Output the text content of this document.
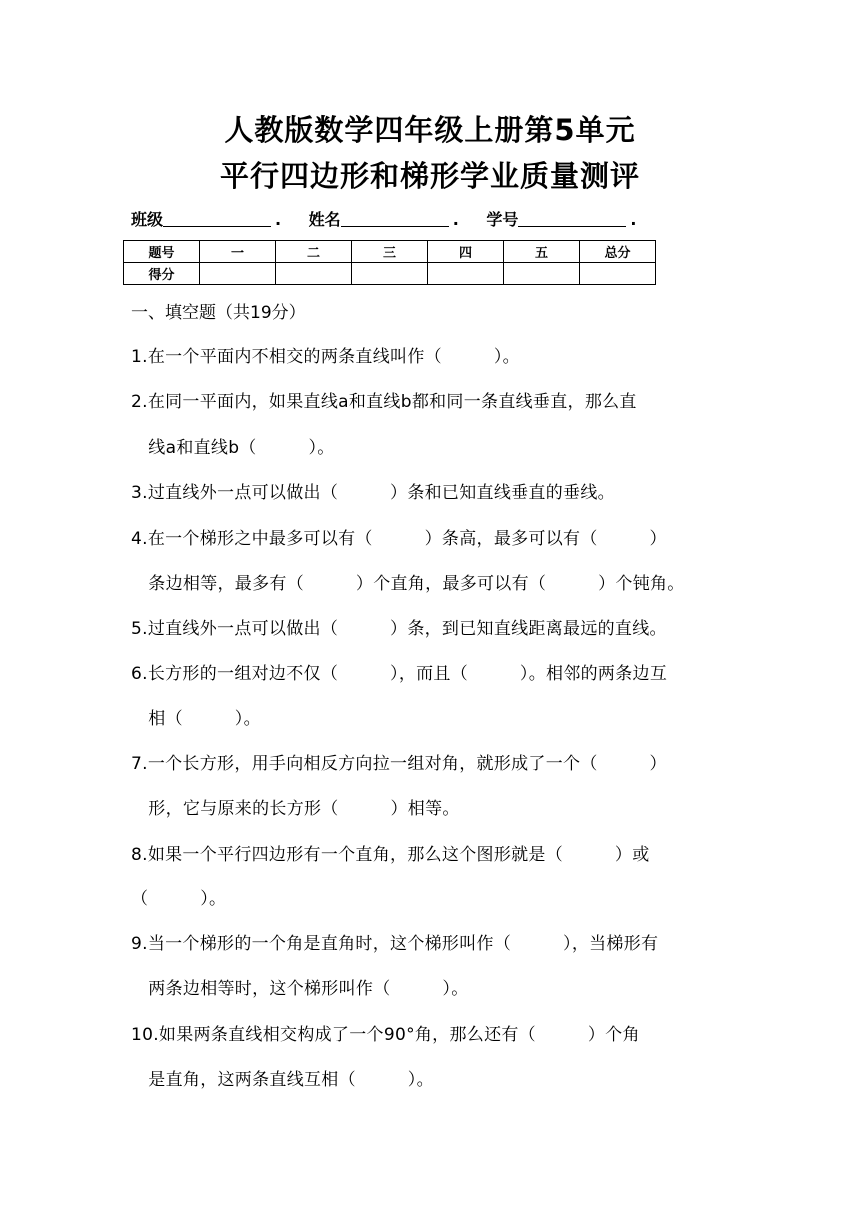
人教版数学四年级上册第5单元
平行四边形和梯形学业质量测评
班级	. 姓名	. 学号	.
题号	一	二	三	四	五	总分
得分						
一、填空题（共19分）
1.在一个平面内不相交的两条直线叫作（　　　）。
2.在同一平面内，如果直线a和直线b都和同一条直线垂直，那么直
　线a和直线b（　　　）。
3.过直线外一点可以做出（　　　）条和已知直线垂直的垂线。
4.在一个梯形之中最多可以有（　　　）条高，最多可以有（　　　）
　条边相等，最多有（　　　）个直角，最多可以有（　　　）个钝角。
5.过直线外一点可以做出（　　　）条，到已知直线距离最远的直线。
6.长方形的一组对边不仅（　　　），而且（　　　）。相邻的两条边互
　相（　　　）。
7.一个长方形，用手向相反方向拉一组对角，就形成了一个（　　　）
　形，它与原来的长方形（　　　）相等。
8.如果一个平行四边形有一个直角，那么这个图形就是（　　　）或
（　　　）。
9.当一个梯形的一个角是直角时，这个梯形叫作（　　　），当梯形有
　两条边相等时，这个梯形叫作（　　　）。
10.如果两条直线相交构成了一个90°角，那么还有（　　　）个角
　是直角，这两条直线互相（　　　）。
